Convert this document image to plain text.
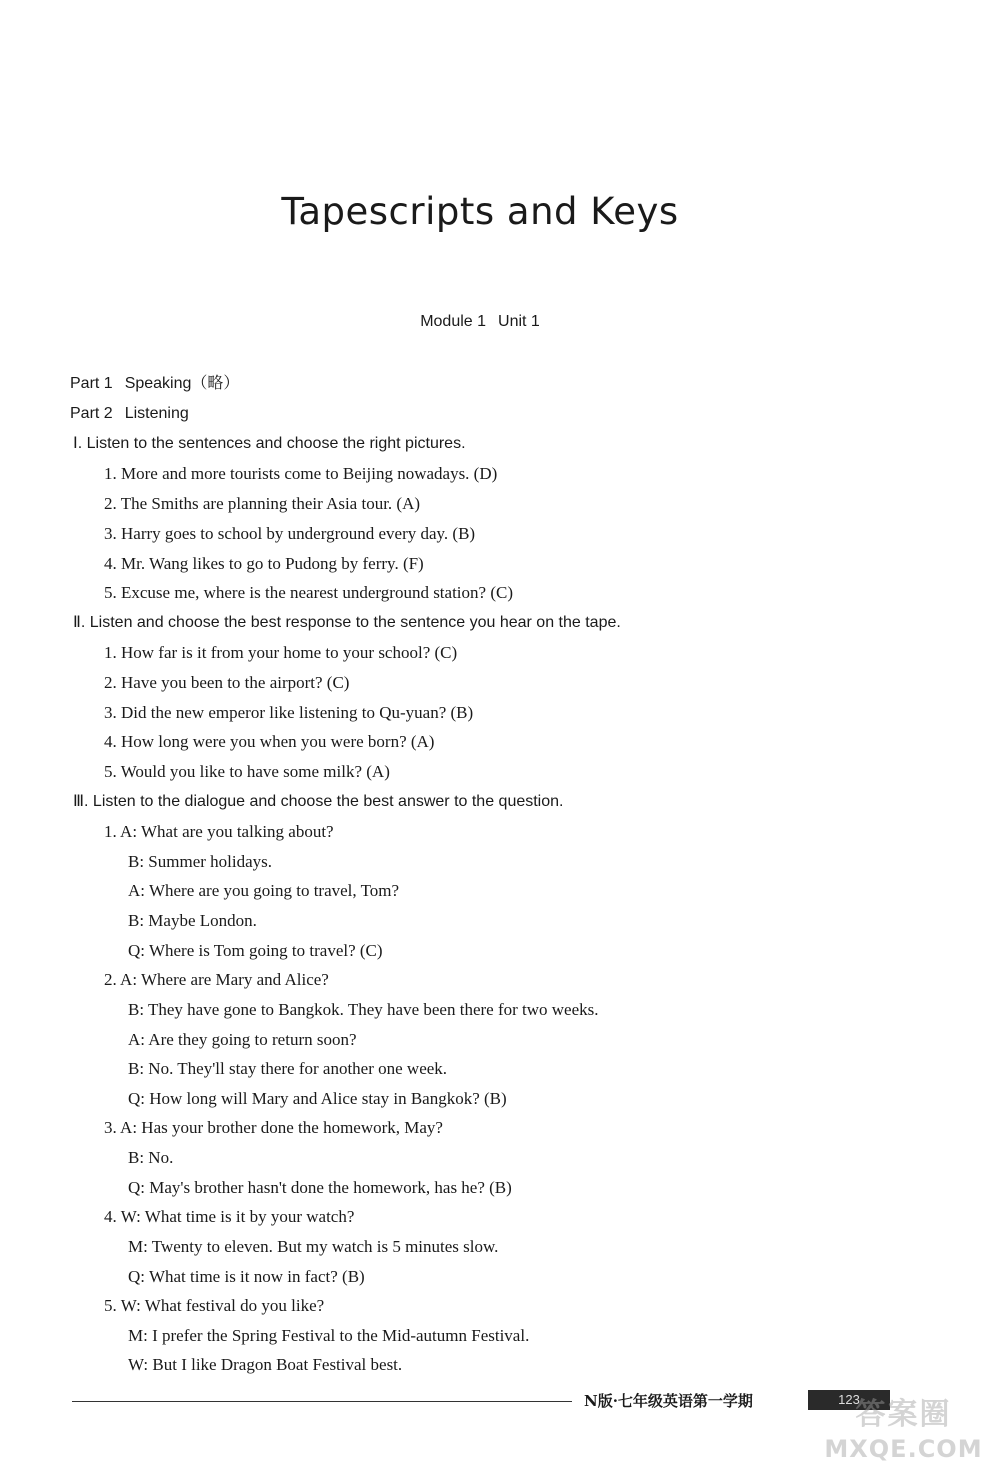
Tapescripts and Keys
Module 1 Unit 1
Part 1 Speaking（略）
Part 2 Listening
Ⅰ. Listen to the sentences and choose the right pictures.
1. More and more tourists come to Beijing nowadays. (D)
2. The Smiths are planning their Asia tour. (A)
3. Harry goes to school by underground every day. (B)
4. Mr. Wang likes to go to Pudong by ferry. (F)
5. Excuse me, where is the nearest underground station? (C)
Ⅱ. Listen and choose the best response to the sentence you hear on the tape.
1. How far is it from your home to your school? (C)
2. Have you been to the airport? (C)
3. Did the new emperor like listening to Qu-yuan? (B)
4. How long were you when you were born? (A)
5. Would you like to have some milk? (A)
Ⅲ. Listen to the dialogue and choose the best answer to the question.
1. A: What are you talking about?
B: Summer holidays.
A: Where are you going to travel, Tom?
B: Maybe London.
Q: Where is Tom going to travel? (C)
2. A: Where are Mary and Alice?
B: They have gone to Bangkok. They have been there for two weeks.
A: Are they going to return soon?
B: No. They'll stay there for another one week.
Q: How long will Mary and Alice stay in Bangkok? (B)
3. A: Has your brother done the homework, May?
B: No.
Q: May's brother hasn't done the homework, has he? (B)
4. W: What time is it by your watch?
M: Twenty to eleven. But my watch is 5 minutes slow.
Q: What time is it now in fact? (B)
5. W: What festival do you like?
M: I prefer the Spring Festival to the Mid-autumn Festival.
W: But I like Dragon Boat Festival best.
N版·七年级英语第一学期	123
答案圈
MXQE.COM
